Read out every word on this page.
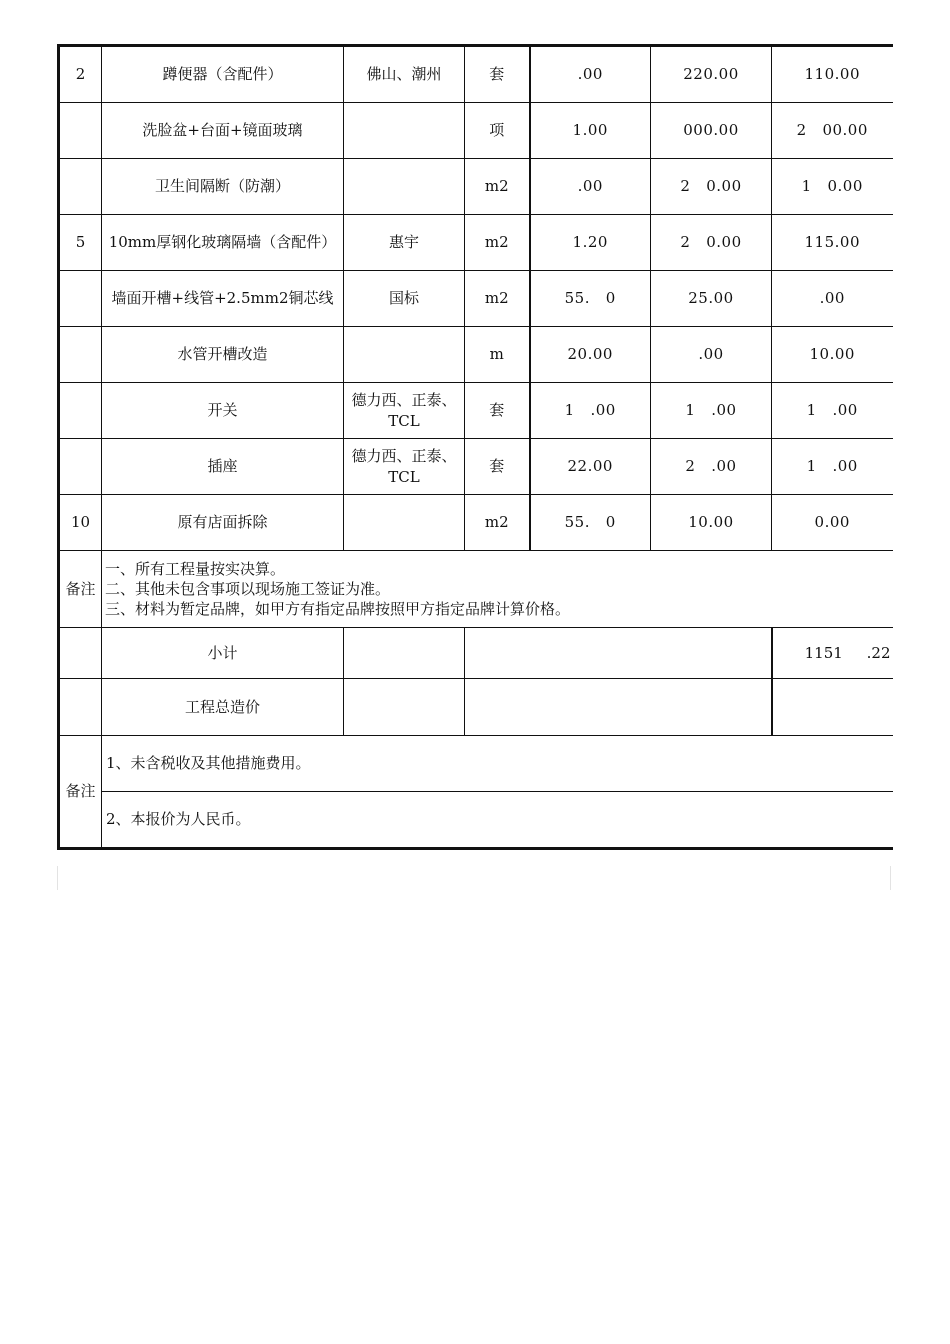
2	蹲便器（含配件）	佛山、潮州	套	.00	220.00	110.00
	洗脸盆+台面+镜面玻璃		项	1.00	000.00	2   00.00
	卫生间隔断（防潮）		m2	.00	2   0.00	1   0.00
5	10mm厚钢化玻璃隔墙（含配件）	惠宇	m2	1.20	2   0.00	115.00
	墙面开槽+线管+2.5mm2铜芯线	国标	m2	55.   0	25.00	.00
	水管开槽改造		m	20.00	.00	10.00
	开关	德力西、正泰、TCL	套	1   .00	1   .00	1   .00
	插座	德力西、正泰、TCL	套	22.00	2   .00	1   .00
10	原有店面拆除		m2	55.   0	10.00	0.00
备注	一、所有工程量按实决算。
二、其他未包含事项以现场施工签证为准。
三、材料为暂定品牌，如甲方有指定品牌按照甲方指定品牌计算价格。					

	小计					1151     .22
	工程总造价					
备注	1、未含税收及其他措施费用。					
	2、本报价为人民币。					
